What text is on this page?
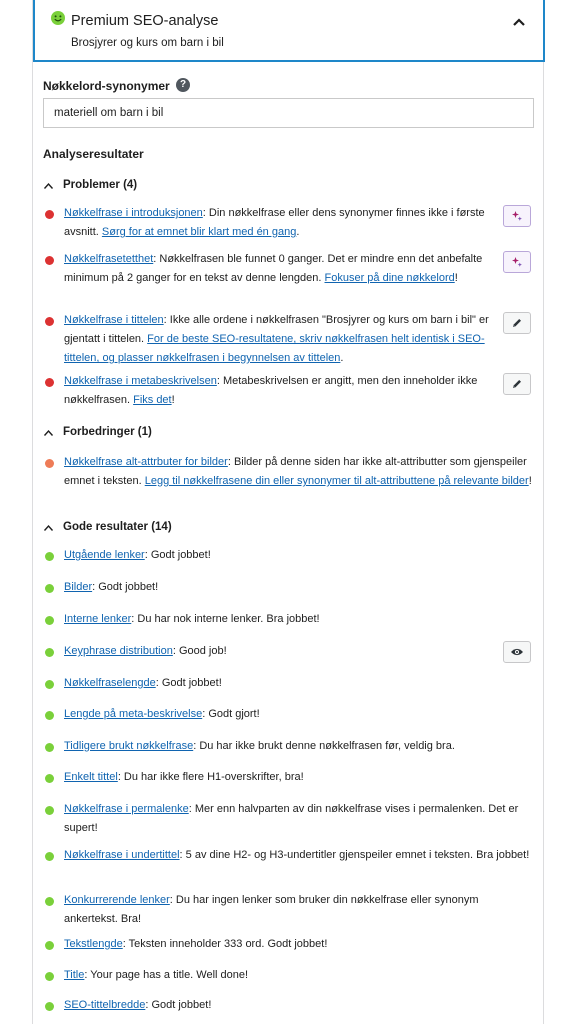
Premium SEO-analyse
Brosjyrer og kurs om barn i bil
Nøkkelord-synonymer	?
materiell om barn i bil
Analyseresultater
Problemer (4)
Nøkkelfrase i introduksjonen: Din nøkkelfrase eller dens synonymer finnes ikke i første avsnitt. Sørg for at emnet blir klart med én gang.
Nøkkelfrasetetthet: Nøkkelfrasen ble funnet 0 ganger. Det er mindre enn det anbefalte minimum på 2 ganger for en tekst av denne lengden. Fokuser på dine nøkkelord!
Nøkkelfrase i tittelen: Ikke alle ordene i nøkkelfrasen "Brosjyrer og kurs om barn i bil" er gjentatt i tittelen. For de beste SEO-resultatene, skriv nøkkelfrasen helt identisk i SEO-tittelen, og plasser nøkkelfrasen i begynnelsen av tittelen.
Nøkkelfrase i metabeskrivelsen: Metabeskrivelsen er angitt, men den inneholder ikke nøkkelfrasen. Fiks det!
Forbedringer (1)
Nøkkelfrase alt-attrbuter for bilder: Bilder på denne siden har ikke alt-attributter som gjenspeiler emnet i teksten. Legg til nøkkelfrasene din eller synonymer til alt-attributtene på relevante bilder!
Gode resultater (14)
Utgående lenker: Godt jobbet!
Bilder: Godt jobbet!
Interne lenker: Du har nok interne lenker. Bra jobbet!
Keyphrase distribution: Good job!
Nøkkelfraselengde: Godt jobbet!
Lengde på meta-beskrivelse: Godt gjort!
Tidligere brukt nøkkelfrase: Du har ikke brukt denne nøkkelfrasen før, veldig bra.
Enkelt tittel: Du har ikke flere H1-overskrifter, bra!
Nøkkelfrase i permalenke: Mer enn halvparten av din nøkkelfrase vises i permalenken. Det er supert!
Nøkkelfrase i undertittel: 5 av dine H2- og H3-undertitler gjenspeiler emnet i teksten. Bra jobbet!
Konkurrerende lenker: Du har ingen lenker som bruker din nøkkelfrase eller synonym ankertekst. Bra!
Tekstlengde: Teksten inneholder 333 ord. Godt jobbet!
Title: Your page has a title. Well done!
SEO-tittelbredde: Godt jobbet!
